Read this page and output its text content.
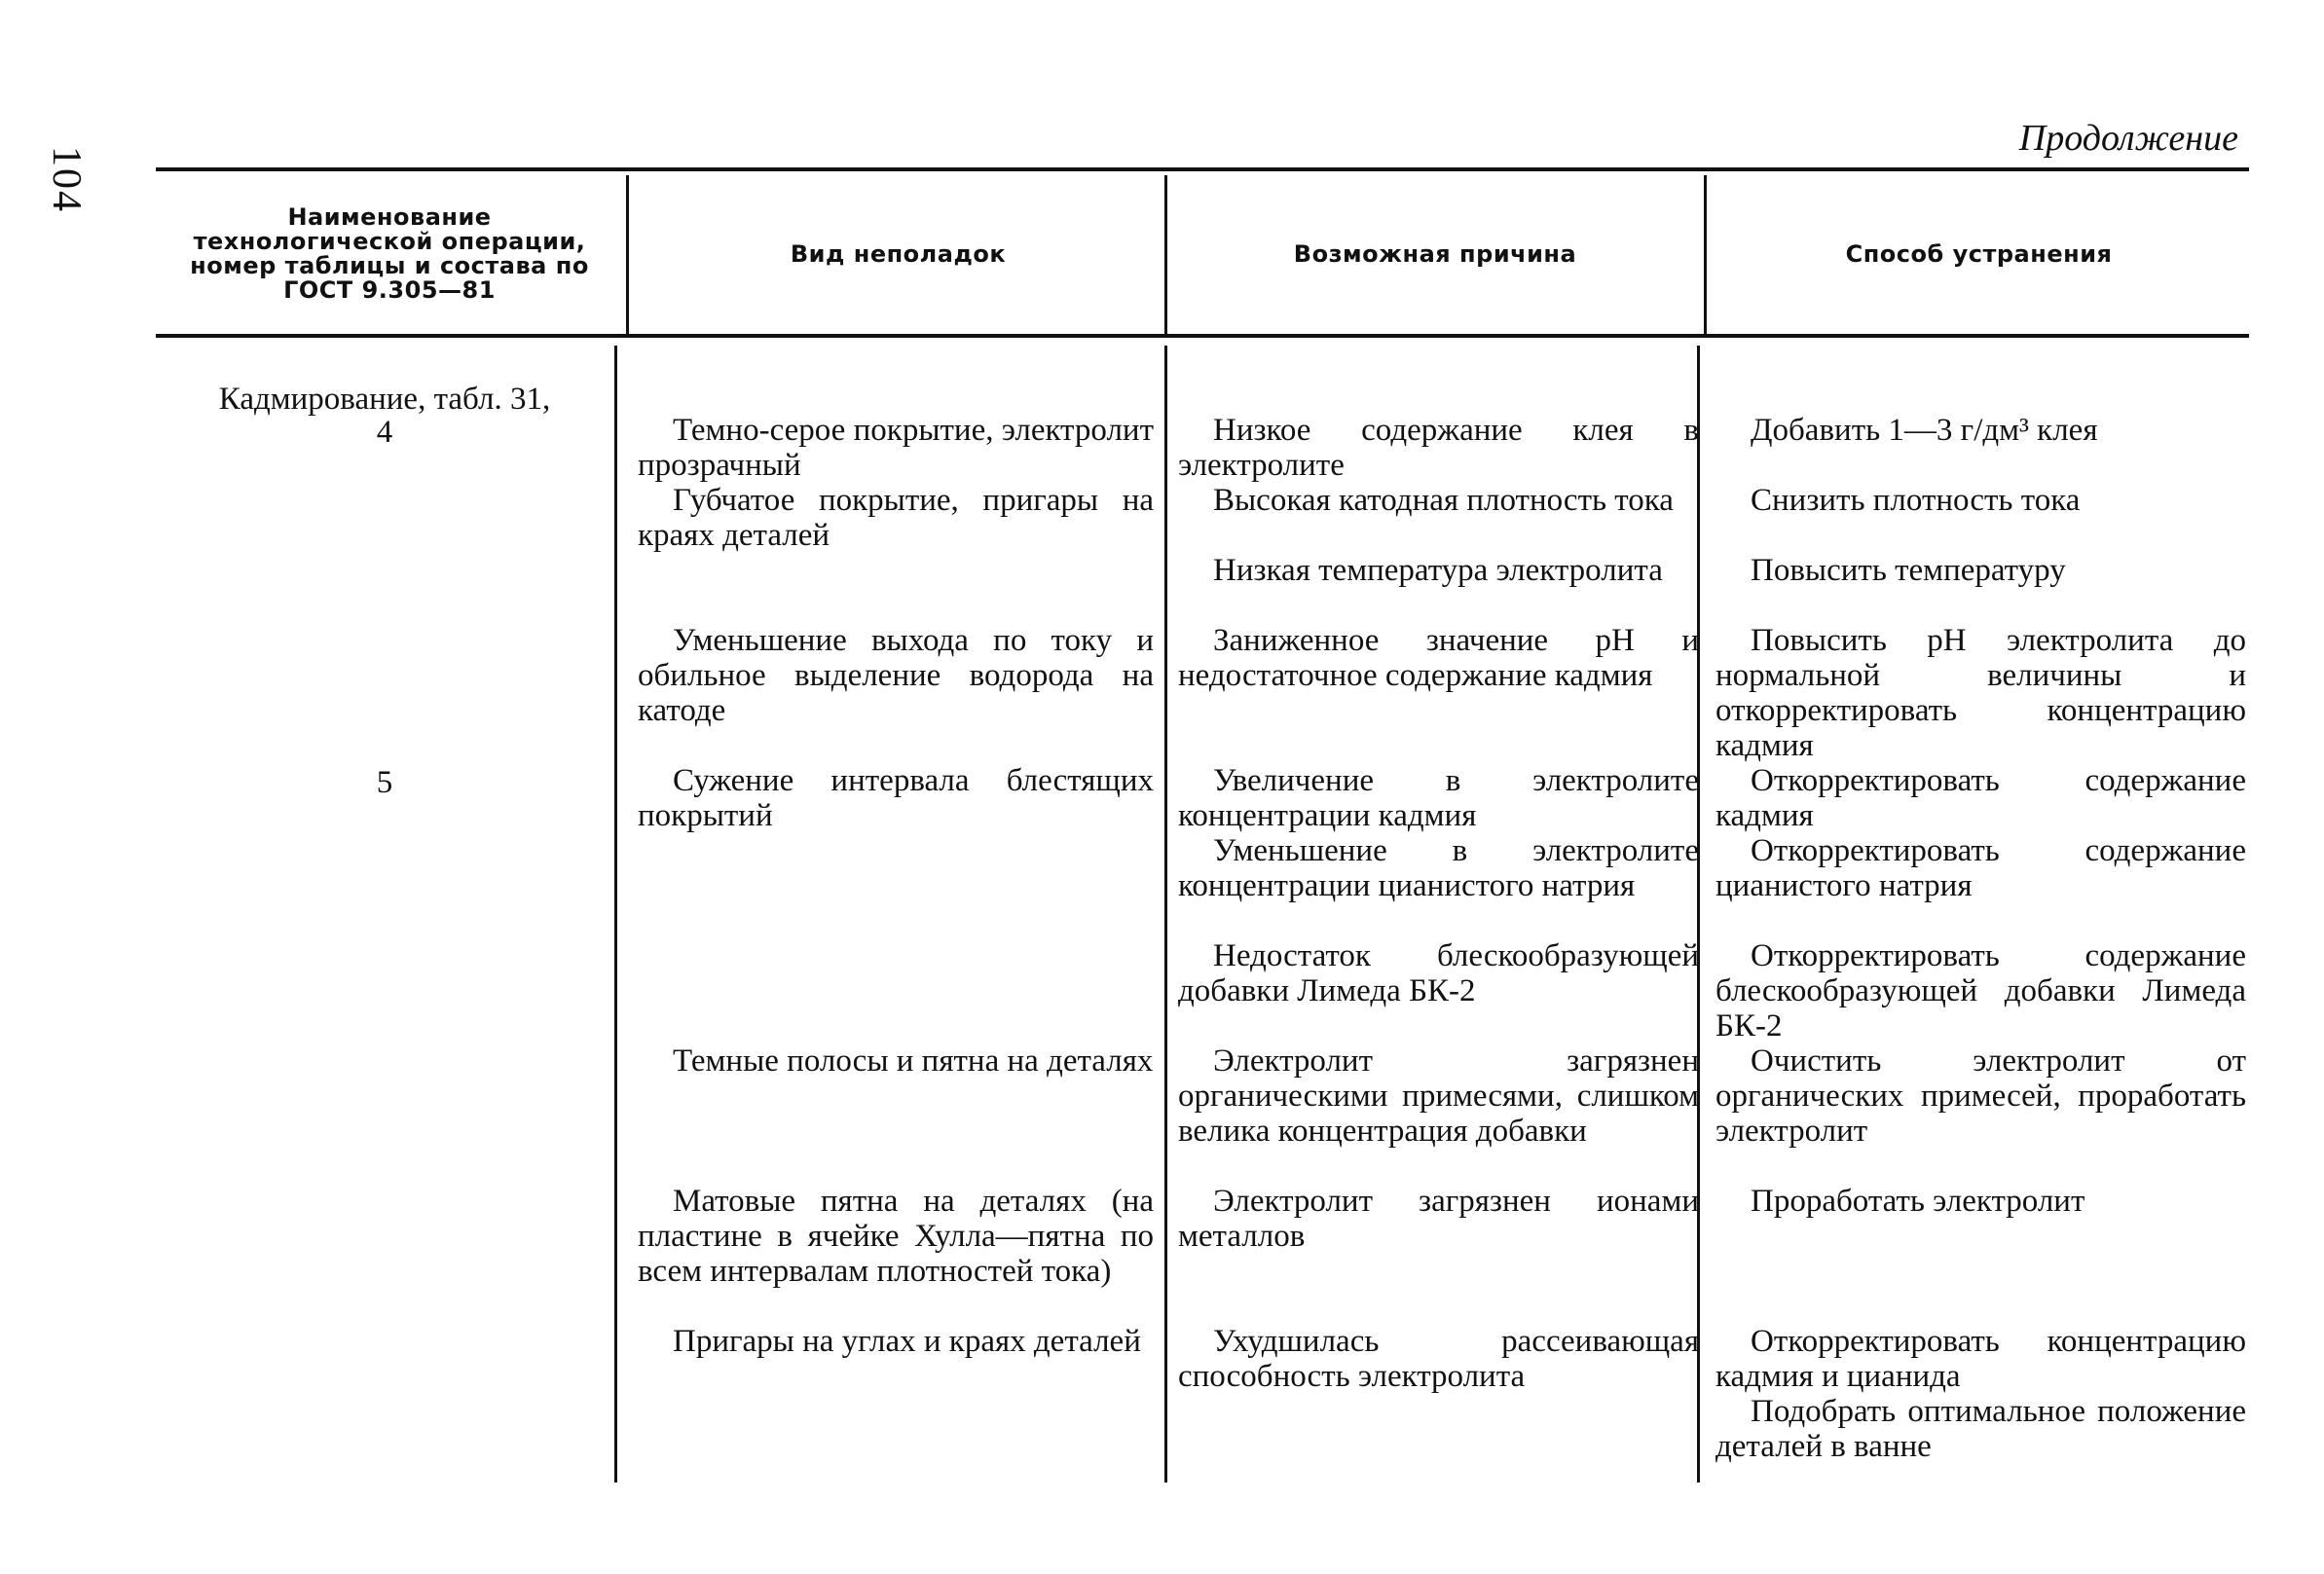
104
Продолжение
Наименование технологической операции, номер таблицы и состава по ГОСТ 9.305—81
Вид неполадок	Возможная причина	Способ устранения
Кадмирование, табл. 31,
4
5
Темно-серое покрытие, электролит прозрачный
Губчатое покрытие, пригары на краях деталей
Уменьшение выхода по току и обильное выделение водорода на катоде
Сужение интервала блестящих покрытий
Темные полосы и пятна на деталях
Матовые пятна на деталях (на пластине в ячейке Хулла—пятна по всем интервалам плотностей тока)
Пригары на углах и краях деталей
Низкое содержание клея в электролите
Высокая катодная плотность тока
Низкая температура электролита
Заниженное значение pH и недостаточное содержание кадмия
Увеличение в электролите концентрации кадмия
Уменьшение в электролите концентрации цианистого натрия
Недостаток блескообразующей добавки Лимеда БК-2
Электролит загрязнен органическими примесями, слишком велика концентрация добавки
Электролит загрязнен ионами металлов
Ухудшилась рассеивающая способность электролита
Добавить 1—3 г/дм³ клея
Снизить плотность тока
Повысить температуру
Повысить pH электролита до нормальной величины и откорректировать концентрацию кадмия
Откорректировать содержание кадмия
Откорректировать содержание цианистого натрия
Откорректировать содержание блескообразующей добавки Лимеда БК-2
Очистить электролит от органических примесей, проработать электролит
Проработать электролит
Откорректировать концентрацию кадмия и цианида
Подобрать оптимальное положение деталей в ванне
